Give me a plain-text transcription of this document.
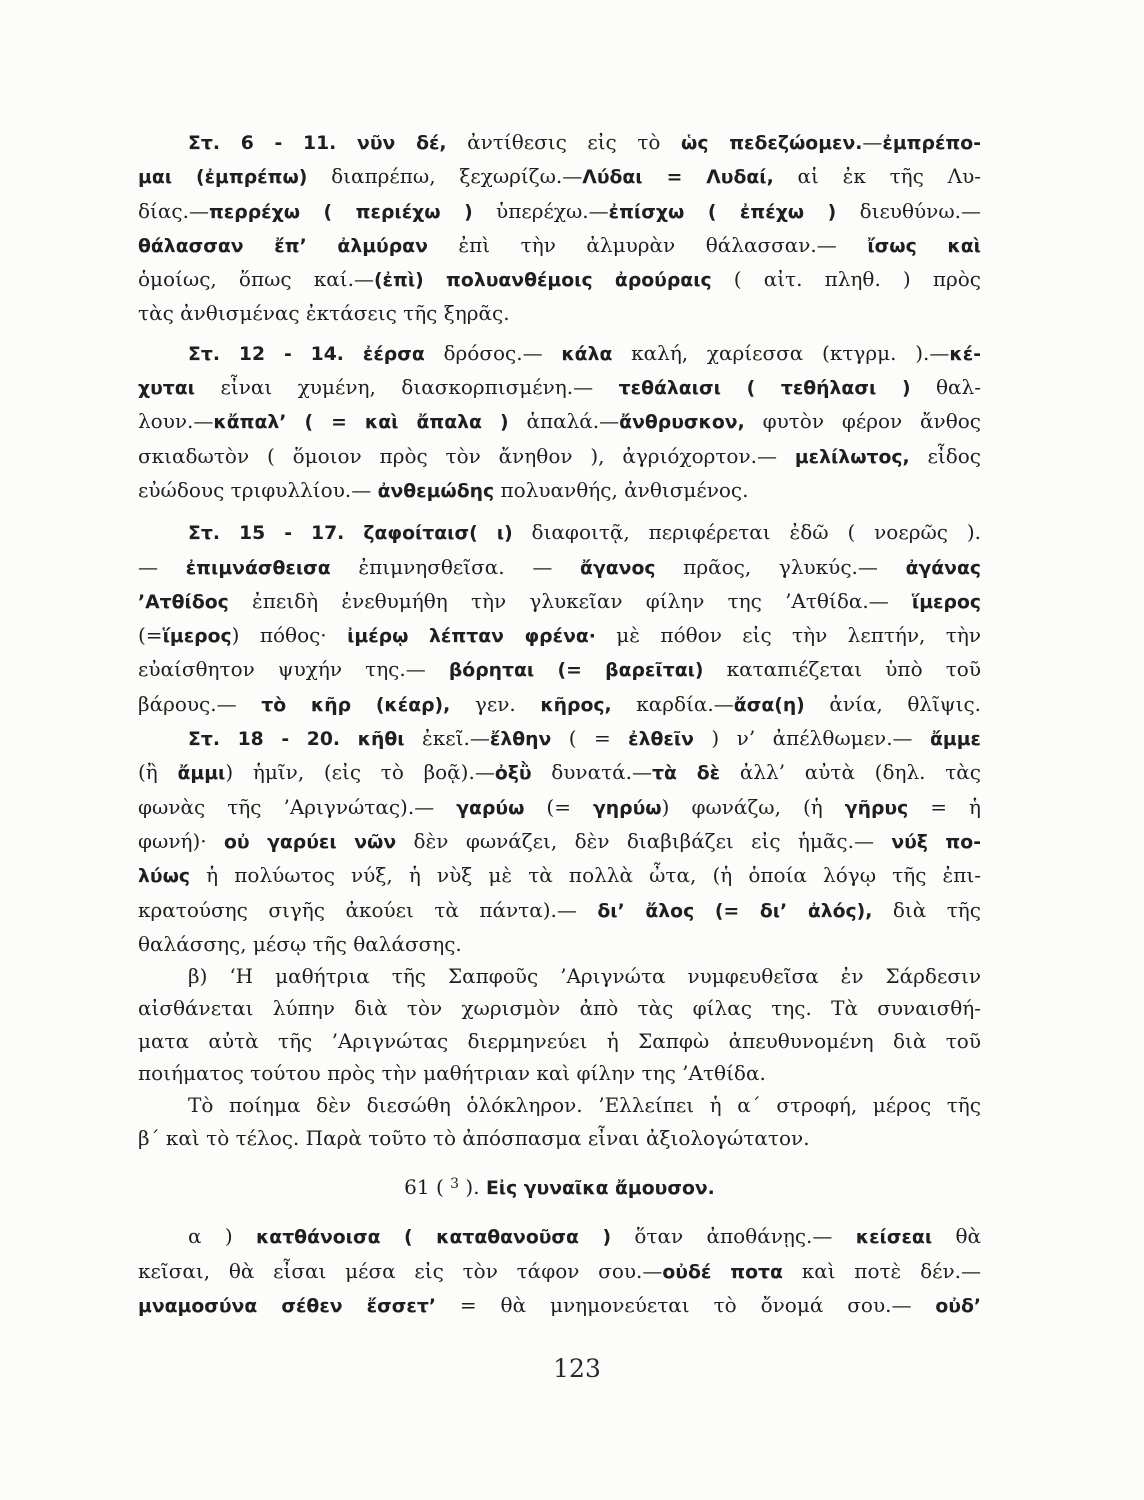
Στ. 6 - 11. νῦν δέ, ἀντίθεσις εἰς τὸ ὡς πεδεζώομεν.—ἐμπρέπο-
μαι (ἐμπρέπω) διαπρέπω, ξεχωρίζω.—Λύδαι = Λυδαί, αἱ ἐκ τῆς Λυ-
δίας.—περρέχω ( περιέχω ) ὑπερέχω.—ἐπίσχω ( ἐπέχω ) διευθύνω.—
θάλασσαν ἔπ’ ἀλμύραν ἐπὶ τὴν ἀλμυρὰν θάλασσαν.— ἴσως καὶ
ὁμοίως, ὅπως καί.—(ἐπὶ) πολυανθέμοις ἀρούραις ( αἰτ. πληθ. ) πρὸς
τὰς ἀνθισμένας ἐκτάσεις τῆς ξηρᾶς.
Στ. 12 - 14. ἐέρσα δρόσος.— κάλα καλή, χαρίεσσα (κτγρμ. ).—κέ-
χυται εἶναι χυμένη, διασκορπισμένη.— τεθάλαισι ( τεθήλασι ) θαλ-
λουν.—κἄπαλ’ ( = καὶ ἄπαλα ) ἁπαλά.—ἄνθρυσκον, φυτὸν φέρον ἄνθος
σκιαδωτὸν ( ὅμοιον πρὸς τὸν ἄνηθον ), ἀγριόχορτον.— μελίλωτος, εἶδος
εὐώδους τριφυλλίου.— ἀνθεμώδης πολυανθής, ἀνθισμένος.
Στ. 15 - 17. ζαφοίταισ( ι) διαφοιτᾷ, περιφέρεται ἐδῶ ( νοερῶς ).
— ἐπιμνάσθεισα ἐπιμνησθεῖσα. — ἄγανος πρᾶος, γλυκύς.— ἀγάνας
’Ατθίδος ἐπειδὴ ἐνεθυμήθη τὴν γλυκεῖαν φίλην της ’Ατθίδα.— ἵμερος
(=ἵμερος) πόθος· ἰμέρῳ λέπταν φρένα· μὲ πόθον εἰς τὴν λεπτήν, τὴν
εὐαίσθητον ψυχήν της.— βόρηται (= βαρεῖται) καταπιέζεται ὑπὸ τοῦ
βάρους.— τὸ κῆρ (κέαρ), γεν. κῆρος, καρδία.—ἄσα(η) ἀνία, θλῖψις.
Στ. 18 - 20. κῆθι ἐκεῖ.—ἔλθην ( = ἐλθεῖν ) ν’ ἀπέλθωμεν.— ἄμμε
(ἢ ἄμμι) ἡμῖν, (εἰς τὸ βοᾷ).—ὀξῢ δυνατά.—τὰ δὲ ἀλλ’ αὐτὰ (δηλ. τὰς
φωνὰς τῆς ’Αριγνώτας).— γαρύω (= γηρύω) φωνάζω, (ἡ γῆρυς = ἡ
φωνή)· οὐ γαρύει νῶν δὲν φωνάζει, δὲν διαβιβάζει εἰς ἡμᾶς.— νύξ πο-
λύως ἡ πολύωτος νύξ, ἡ νὺξ μὲ τὰ πολλὰ ὦτα, (ἡ ὁποία λόγῳ τῆς ἐπι-
κρατούσης σιγῆς ἀκούει τὰ πάντα).— δι’ ἄλος (= δι’ ἀλός), διὰ τῆς
θαλάσσης, μέσῳ τῆς θαλάσσης.
β) ‘Η μαθήτρια τῆς Σαπφοῦς ’Αριγνώτα νυμφευθεῖσα ἐν Σάρδεσιν
αἰσθάνεται λύπην διὰ τὸν χωρισμὸν ἀπὸ τὰς φίλας της. Τὰ συναισθή-
ματα αὐτὰ τῆς ’Αριγνώτας διερμηνεύει ἡ Σαπφὼ ἀπευθυνομένη διὰ τοῦ
ποιήματος τούτου πρὸς τὴν μαθήτριαν καὶ φίλην της ’Ατθίδα.
Τὸ ποίημα δὲν διεσώθη ὁλόκληρον. ’Ελλείπει ἡ α΄ στροφή, μέρος τῆς
β΄ καὶ τὸ τέλος. Παρὰ τοῦτο τὸ ἀπόσπασμα εἶναι ἀξιολογώτατον.
61 ( $^3$ ). Εἰς γυναῖκα ἄμουσον.
α ) κατθάνοισα ( καταθανοῦσα ) ὅταν ἀποθάνῃς.— κείσεαι θὰ
κεῖσαι, θὰ εἶσαι μέσα εἰς τὸν τάφον σου.—οὐδέ ποτα καὶ ποτὲ δέν.—
μναμοσύνα σέθεν ἔσσετ’ = θὰ μνημονεύεται τὸ ὄνομά σου.— οὐδ’
123
